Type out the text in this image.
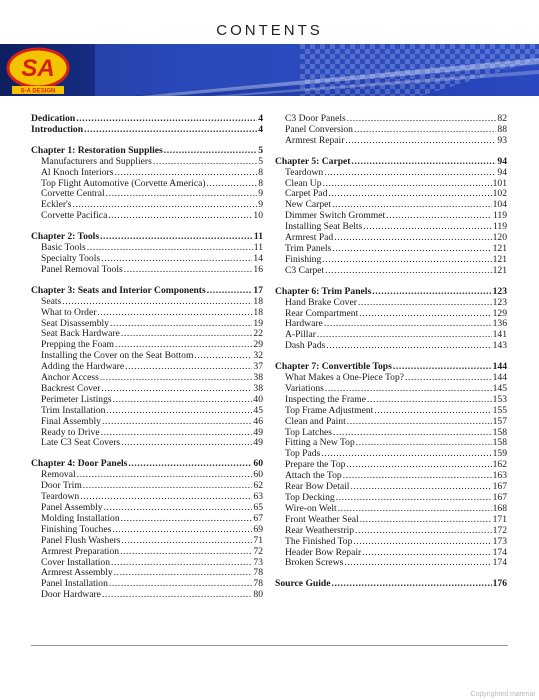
CONTENTS
SA
S-A DESIGN
Dedication .....	4
Introduction .....	4
Chapter 1: Restoration Supplies .....	5
Manufacturers and Suppliers .....	5
Al Knoch Interiors .....	8
Top Flight Automotive (Corvette America) .....	8
Corvette Central .....	9
Eckler's .....	9
Corvette Pacifica .....	10
Chapter 2: Tools .....	11
Basic Tools .....	11
Specialty Tools .....	14
Panel Removal Tools .....	16
Chapter 3: Seats and Interior Components .....	17
Seats .....	18
What to Order .....	18
Seat Disassembly .....	19
Seat Back Hardware .....	22
Prepping the Foam .....	29
Installing the Cover on the Seat Bottom .....	32
Adding the Hardware .....	37
Anchor Access .....	38
Backrest Cover .....	38
Perimeter Listings .....	40
Trim Installation .....	45
Final Assembly .....	46
Ready to Drive .....	49
Late C3 Seat Covers .....	49
Chapter 4: Door Panels .....	60
Removal .....	60
Door Trim .....	62
Teardown .....	63
Panel Assembly .....	65
Molding Installation .....	67
Finishing Touches .....	69
Panel Flush Washers .....	71
Armrest Preparation .....	72
Cover Installation .....	73
Armrest Assembly .....	78
Panel Installation .....	78
Door Hardware .....	80
C3 Door Panels .....	82
Panel Conversion .....	88
Armrest Repair .....	93
Chapter 5: Carpet .....	94
Teardown .....	94
Clean Up .....	101
Carpet Pad .....	102
New Carpet .....	104
Dimmer Switch Grommet .....	119
Installing Seat Belts .....	119
Armrest Pad .....	120
Trim Panels .....	121
Finishing .....	121
C3 Carpet .....	121
Chapter 6: Trim Panels .....	123
Hand Brake Cover .....	123
Rear Compartment .....	129
Hardware .....	136
A-Pillar .....	141
Dash Pads .....	143
Chapter 7: Convertible Tops .....	144
What Makes a One-Piece Top? .....	144
Variations .....	145
Inspecting the Frame .....	153
Top Frame Adjustment .....	155
Clean and Paint .....	157
Top Latches .....	158
Fitting a New Top .....	158
Top Pads .....	159
Prepare the Top .....	162
Attach the Top .....	163
Rear Bow Detail .....	167
Top Decking .....	167
Wire-on Welt .....	168
Front Weather Seal .....	171
Rear Weatherstrip .....	172
The Finished Top .....	173
Header Bow Repair .....	174
Broken Screws .....	174
Source Guide .....	176
Copyrighted material
